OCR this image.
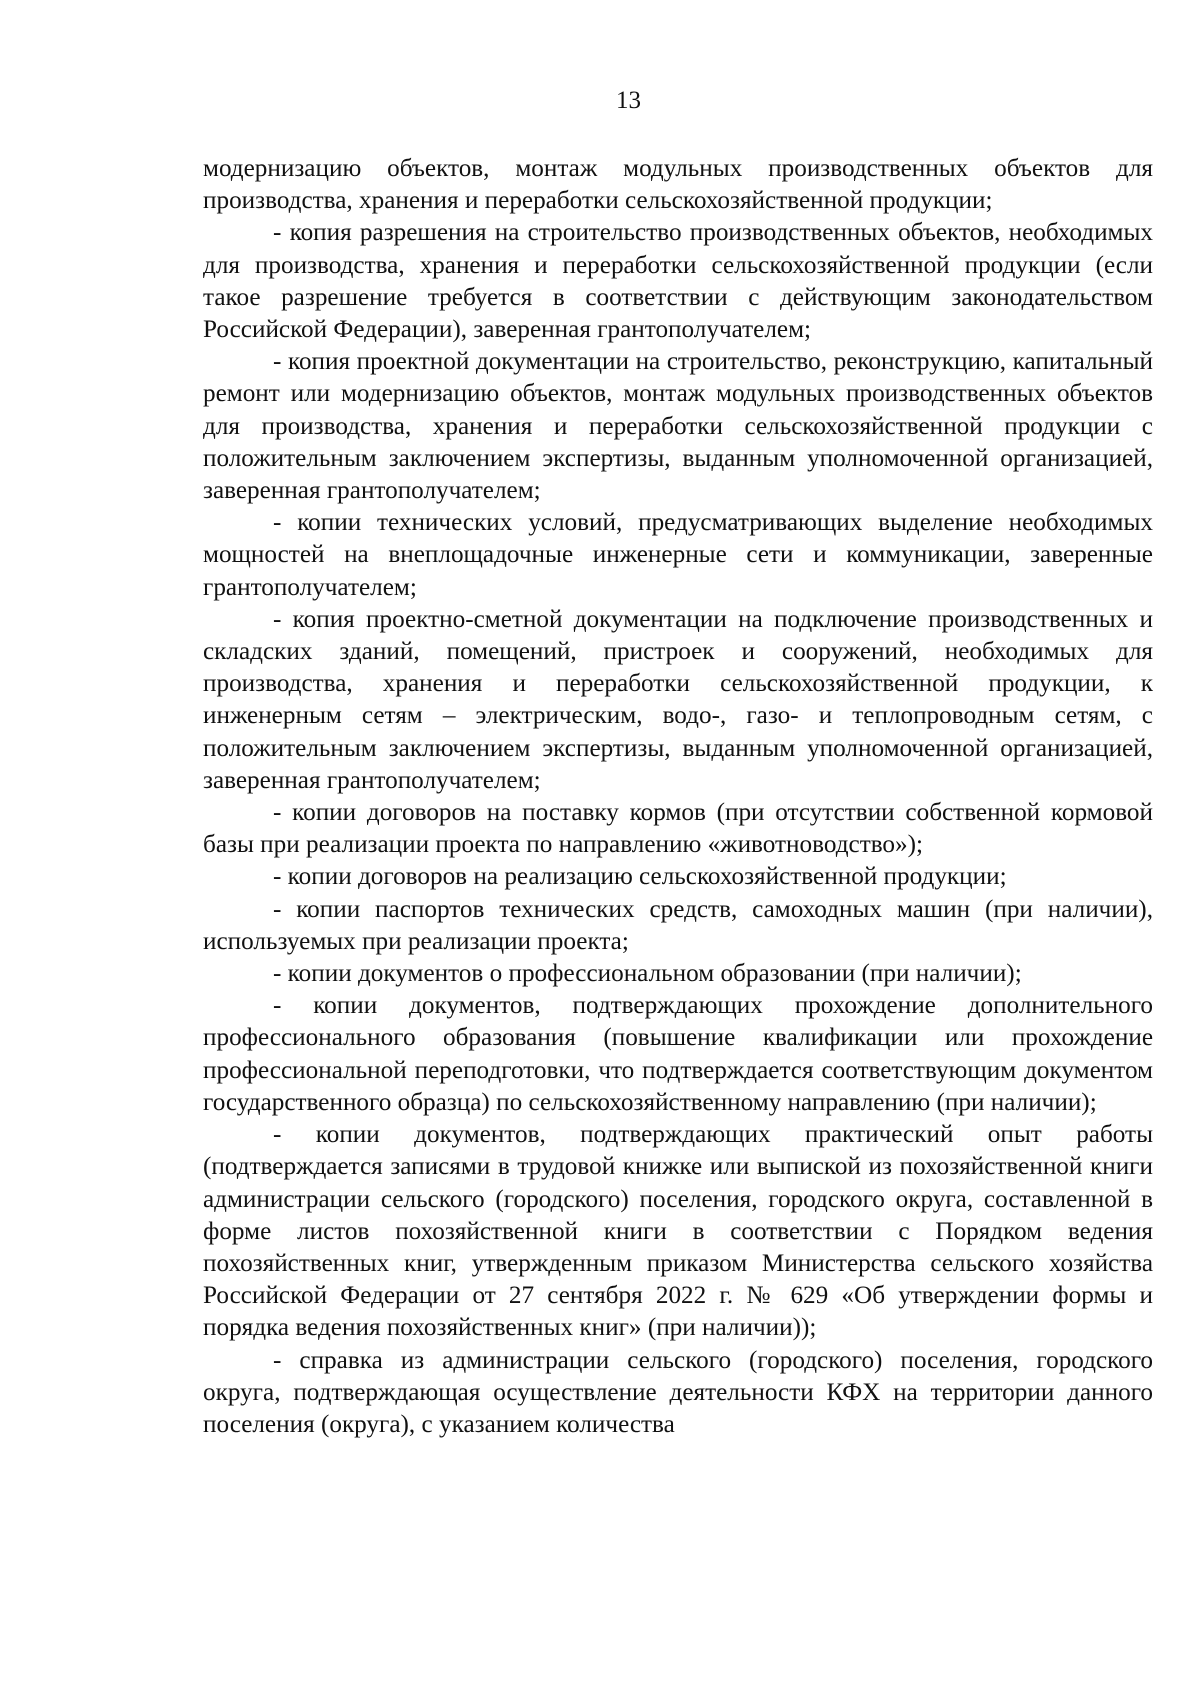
13

модернизацию объектов, монтаж модульных производственных объектов для производства, хранения и переработки сельскохозяйственной продукции;

- копия разрешения на строительство производственных объектов, необходимых для производства, хранения и переработки сельскохозяйственной продукции (если такое разрешение требуется в соответствии с действующим законодательством Российской Федерации), заверенная грантополучателем;

- копия проектной документации на строительство, реконструкцию, капитальный ремонт или модернизацию объектов, монтаж модульных производственных объектов для производства, хранения и переработки сельскохозяйственной продукции с положительным заключением экспертизы, выданным уполномоченной организацией, заверенная грантополучателем;

- копии технических условий, предусматривающих выделение необходимых мощностей на внеплощадочные инженерные сети и коммуникации, заверенные грантополучателем;

- копия проектно-сметной документации на подключение производственных и складских зданий, помещений, пристроек и сооружений, необходимых для производства, хранения и переработки сельскохозяйственной продукции, к инженерным сетям – электрическим, водо-, газо- и теплопроводным сетям, с положительным заключением экспертизы, выданным уполномоченной организацией, заверенная грантополучателем;

- копии договоров на поставку кормов (при отсутствии собственной кормовой базы при реализации проекта по направлению «животноводство»);

- копии договоров на реализацию сельскохозяйственной продукции;

- копии паспортов технических средств, самоходных машин (при наличии), используемых при реализации проекта;

- копии документов о профессиональном образовании (при наличии);

- копии документов, подтверждающих прохождение дополнительного профессионального образования (повышение квалификации или прохождение профессиональной переподготовки, что подтверждается соответствующим документом государственного образца) по сельскохозяйственному направлению (при наличии);

- копии документов, подтверждающих практический опыт работы (подтверждается записями в трудовой книжке или выпиской из похозяйственной книги администрации сельского (городского) поселения, городского округа, составленной в форме листов похозяйственной книги в соответствии с Порядком ведения похозяйственных книг, утвержденным приказом Министерства сельского хозяйства Российской Федерации от 27 сентября 2022 г. № 629 «Об утверждении формы и порядка ведения похозяйственных книг» (при наличии));

- справка из администрации сельского (городского) поселения, городского округа, подтверждающая осуществление деятельности КФХ на территории данного поселения (округа), с указанием количества
